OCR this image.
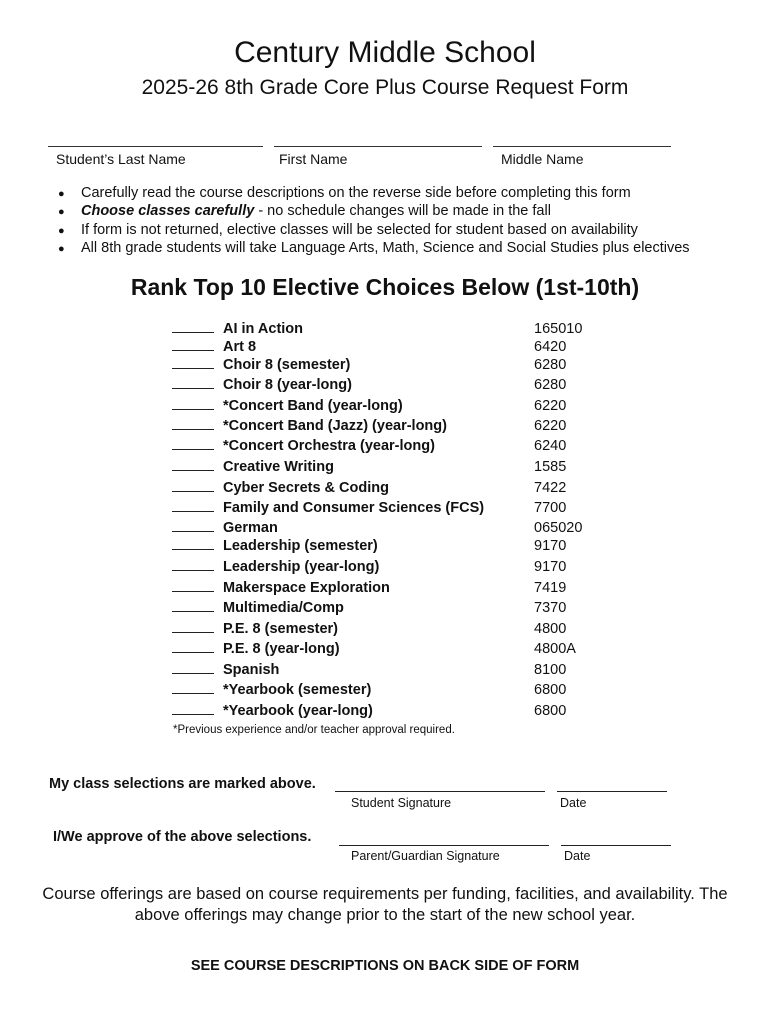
Century Middle School
2025-26 8th Grade Core Plus Course Request Form
Student’s Last Name	First Name	Middle Name
● Carefully read the course descriptions on the reverse side before completing this form
● Choose classes carefully - no schedule changes will be made in the fall
● If form is not returned, elective classes will be selected for student based on availability
● All 8th grade students will take Language Arts, Math, Science and Social Studies plus electives
Rank Top 10 Elective Choices Below (1st-10th)
AI in Action	165010
Art 8	6420
Choir 8 (semester)	6280
Choir 8 (year-long)	6280
*Concert Band (year-long)	6220
*Concert Band (Jazz) (year-long)	6220
*Concert Orchestra (year-long)	6240
Creative Writing	1585
Cyber Secrets & Coding	7422
Family and Consumer Sciences (FCS)	7700
German	065020
Leadership (semester)	9170
Leadership (year-long)	9170
Makerspace Exploration	7419
Multimedia/Comp	7370
P.E. 8 (semester)	4800
P.E. 8 (year-long)	4800A
Spanish	8100
*Yearbook (semester)	6800
*Yearbook (year-long)	6800
*Previous experience and/or teacher approval required.
My class selections are marked above.
Student Signature	Date
I/We approve of the above selections.
Parent/Guardian Signature	Date
Course offerings are based on course requirements per funding, facilities, and availability. The above offerings may change prior to the start of the new school year.
SEE COURSE DESCRIPTIONS ON BACK SIDE OF FORM
